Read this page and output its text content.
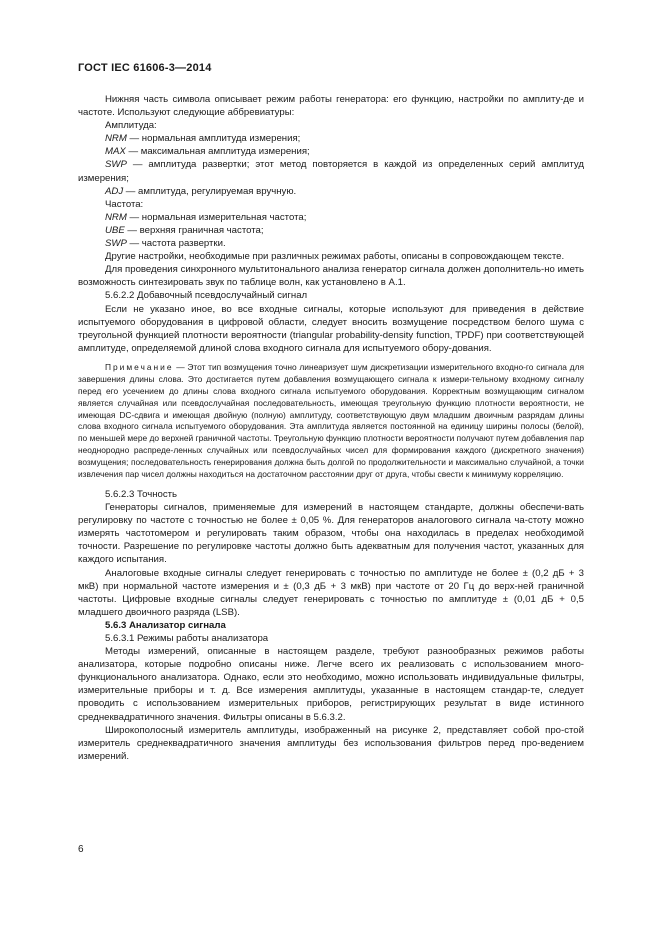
ГОСТ IEC 61606-3—2014

Нижняя часть символа описывает режим работы генератора: его функцию, настройки по амплиту-де и частоте. Используют следующие аббревиатуры:

Амплитуда:

NRM — нормальная амплитуда измерения;

MAX — максимальная амплитуда измерения;

SWP — амплитуда развертки; этот метод повторяется в каждой из определенных серий амплитуд измерения;

ADJ — амплитуда, регулируемая вручную.

Частота:

NRM — нормальная измерительная частота;

UBE — верхняя граничная частота;

SWP — частота развертки.

Другие настройки, необходимые при различных режимах работы, описаны в сопровождающем тексте.

Для проведения синхронного мультитонального анализа генератор сигнала должен дополнитель-но иметь возможность синтезировать звук по таблице волн, как установлено в А.1.

5.6.2.2 Добавочный псевдослучайный сигнал

Если не указано иное, во все входные сигналы, которые используют для приведения в действие испытуемого оборудования в цифровой области, следует вносить возмущение посредством белого шума с треугольной функцией плотности вероятности (triangular probability-density function, TPDF) при соответствующей амплитуде, определяемой длиной слова входного сигнала для испытуемого обору-дования.

Примечание — Этот тип возмущения точно линеаризует шум дискретизации измерительного входно-го сигнала для завершения длины слова. Это достигается путем добавления возмущающего сигнала к измери-тельному входному сигналу перед его усечением до длины слова входного сигнала испытуемого оборудования. Корректным возмущающим сигналом является случайная или псевдослучайная последовательность, имеющая треугольную функцию плотности вероятности, не имеющая DC-сдвига и имеющая двойную (полную) амплитуду, соответствующую двум младшим двоичным разрядам длины слова входного сигнала испытуемого оборудования. Эта амплитуда является постоянной на единицу ширины полосы (белой), по меньшей мере до верхней граничной частоты. Треугольную функцию плотности вероятности получают путем добавления пар неоднородно распреде-ленных случайных или псевдослучайных чисел для формирования каждого (дискретного значения) возмущения; последовательность генерирования должна быть долгой по продолжительности и максимально случайной, а точки извлечения пар чисел должны находиться на достаточном расстоянии друг от друга, чтобы свести к минимуму корреляцию.

5.6.2.3 Точность

Генераторы сигналов, применяемые для измерений в настоящем стандарте, должны обеспечи-вать регулировку по частоте с точностью не более ± 0,05 %. Для генераторов аналогового сигнала ча-стоту можно измерять частотомером и регулировать таким образом, чтобы она находилась в пределах необходимой точности. Разрешение по регулировке частоты должно быть адекватным для получения частот, указанных для каждого испытания.

Аналоговые входные сигналы следует генерировать с точностью по амплитуде не более ± (0,2 дБ + 3 мкВ) при нормальной частоте измерения и ± (0,3 дБ + 3 мкВ) при частоте от 20 Гц до верх-ней граничной частоты. Цифровые входные сигналы следует генерировать с точностью по амплитуде ± (0,01 дБ + 0,5 младшего двоичного разряда (LSB).

5.6.3 Анализатор сигнала

5.6.3.1 Режимы работы анализатора

Методы измерений, описанные в настоящем разделе, требуют разнообразных режимов работы анализатора, которые подробно описаны ниже. Легче всего их реализовать с использованием много-функционального анализатора. Однако, если это необходимо, можно использовать индивидуальные фильтры, измерительные приборы и т. д. Все измерения амплитуды, указанные в настоящем стандар-те, следует проводить с использованием измерительных приборов, регистрирующих результат в виде истинного среднеквадратичного значения. Фильтры описаны в 5.6.3.2.

Широкополосный измеритель амплитуды, изображенный на рисунке 2, представляет собой про-стой измеритель среднеквадратичного значения амплитуды без использования фильтров перед про-ведением измерений.

6
